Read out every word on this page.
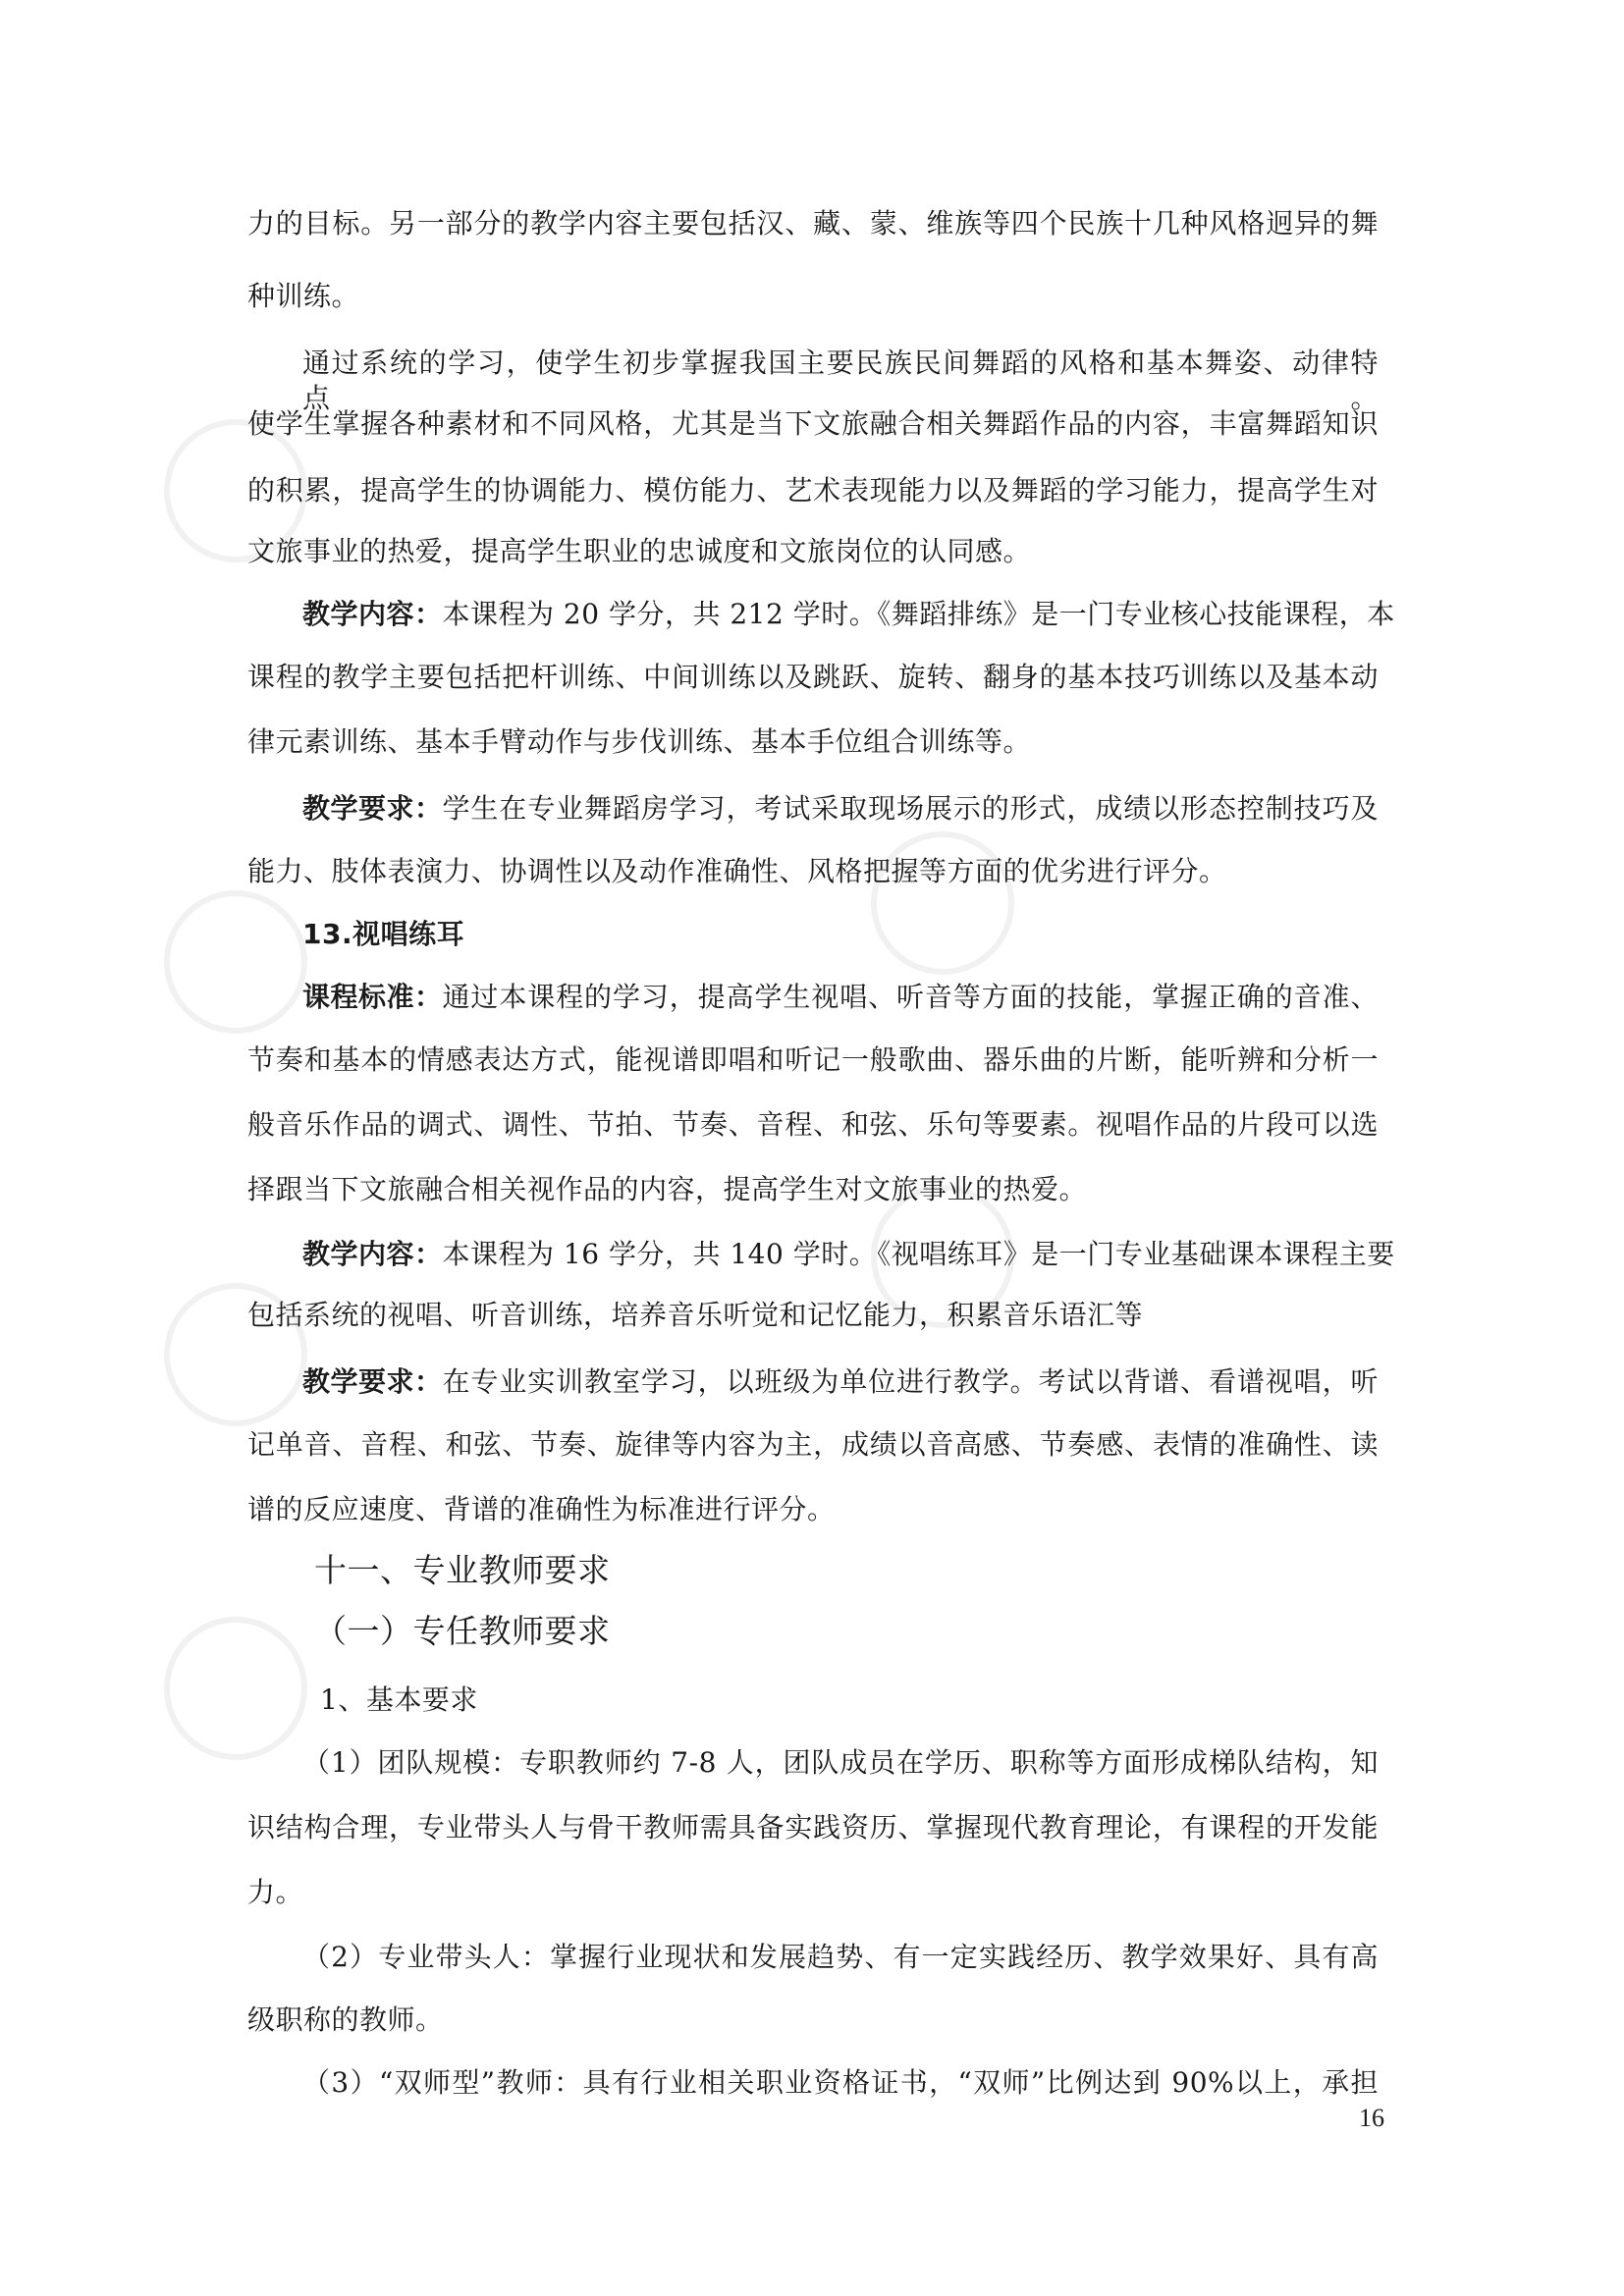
力的目标。另一部分的教学内容主要包括汉、藏、蒙、维族等四个民族十几种风格迥异的舞
种训练。
通过系统的学习，使学生初步掌握我国主要民族民间舞蹈的风格和基本舞姿、动律特点。
使学生掌握各种素材和不同风格，尤其是当下文旅融合相关舞蹈作品的内容，丰富舞蹈知识
的积累，提高学生的协调能力、模仿能力、艺术表现能力以及舞蹈的学习能力，提高学生对
文旅事业的热爱，提高学生职业的忠诚度和文旅岗位的认同感。
教学内容： 本课程为 20 学分，共 212 学时。《舞蹈排练》是一门专业核心技能课程，本
课程的教学主要包括把杆训练、中间训练以及跳跃、旋转、翻身的基本技巧训练以及基本动
律元素训练、基本手臂动作与步伐训练、基本手位组合训练等。
教学要求： 学生在专业舞蹈房学习，考试采取现场展示的形式，成绩以形态控制技巧及
能力、肢体表演力、协调性以及动作准确性、风格把握等方面的优劣进行评分。
13.视唱练耳
课程标准： 通过本课程的学习，提高学生视唱、听音等方面的技能，掌握正确的音准、
节奏和基本的情感表达方式，能视谱即唱和听记一般歌曲、器乐曲的片断，能听辨和分析一
般音乐作品的调式、调性、节拍、节奏、音程、和弦、乐句等要素。视唱作品的片段可以选
择跟当下文旅融合相关视作品的内容，提高学生对文旅事业的热爱。
教学内容： 本课程为 16 学分，共 140 学时。《视唱练耳》是一门专业基础课本课程主要
包括系统的视唱、听音训练，培养音乐听觉和记忆能力，积累音乐语汇等
教学要求： 在专业实训教室学习，以班级为单位进行教学。考试以背谱、看谱视唱，听
记单音、音程、和弦、节奏、旋律等内容为主，成绩以音高感、节奏感、表情的准确性、读
谱的反应速度、背谱的准确性为标准进行评分。
十一、专业教师要求
（一）专任教师要求
1、基本要求
（1）团队规模：专职教师约 7-8 人，团队成员在学历、职称等方面形成梯队结构，知
识结构合理，专业带头人与骨干教师需具备实践资历、掌握现代教育理论，有课程的开发能
力。
（2）专业带头人：掌握行业现状和发展趋势、有一定实践经历、教学效果好、具有高
级职称的教师。
（3）“双师型”教师：具有行业相关职业资格证书，“双师”比例达到 90%以上，承担
16
